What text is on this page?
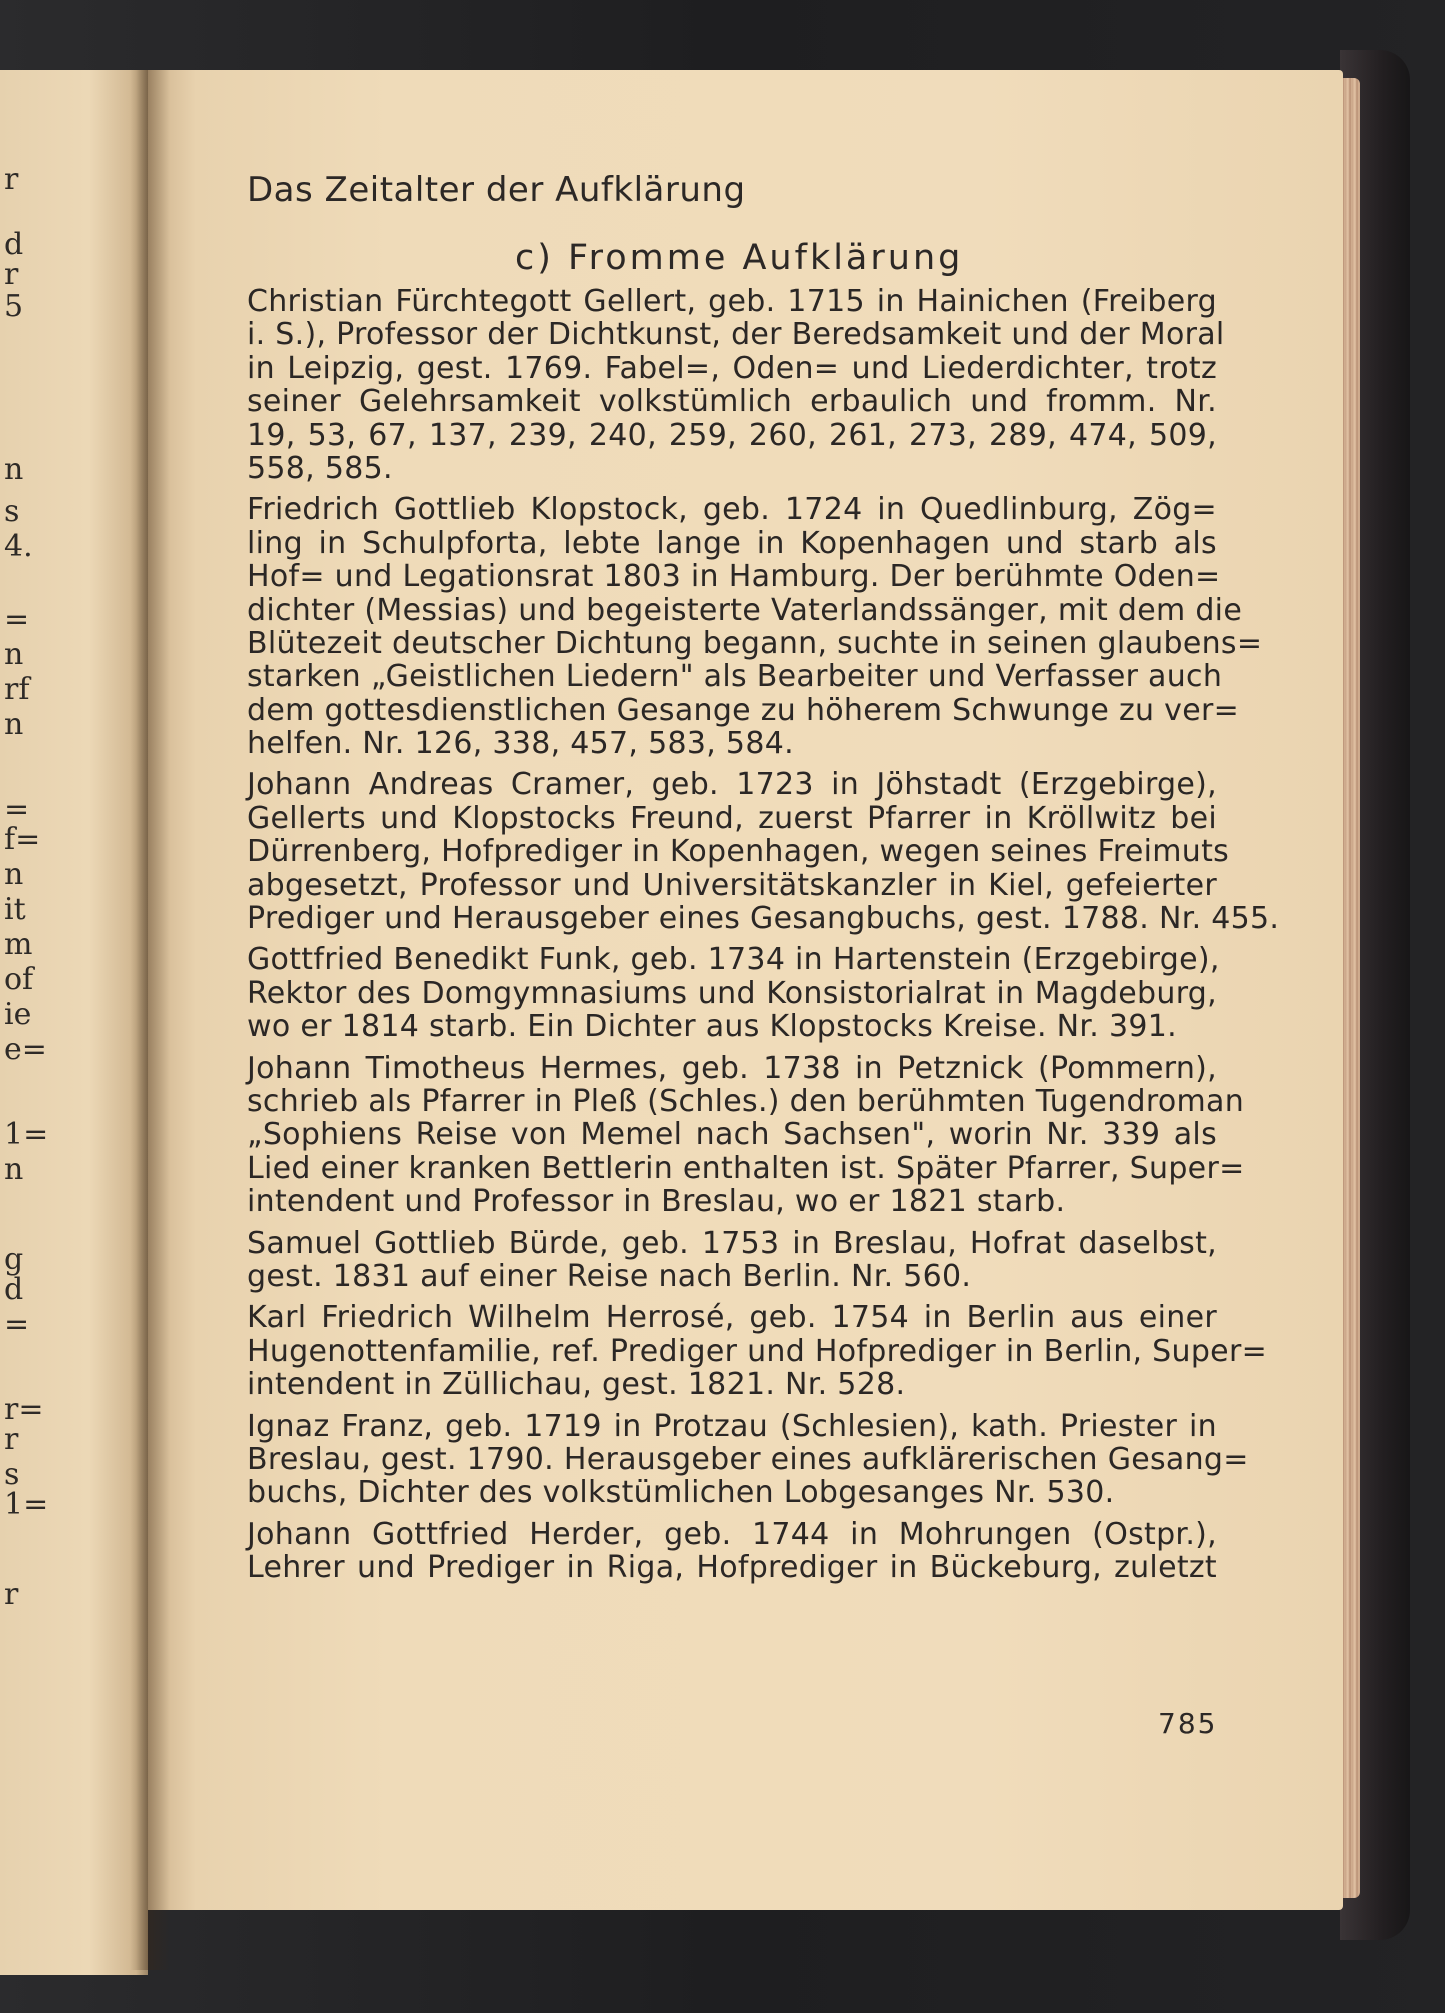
r
d
r
5
n
s
4.
=
n
rf
n
=
f=
n
it
m
of
ie
e=
1=
n
g
d
=
r=
r
s
1=
r
Das Zeitalter der Aufklärung
c) Fromme Aufklärung
Christian Fürchtegott Gellert, geb. 1715 in Hainichen (Freiberg
i. S.), Professor der Dichtkunst, der Beredsamkeit und der Moral
in Leipzig, gest. 1769. Fabel=, Oden= und Liederdichter, trotz
seiner Gelehrsamkeit volkstümlich erbaulich und fromm. Nr.
19, 53, 67, 137, 239, 240, 259, 260, 261, 273, 289, 474, 509,
558, 585.
Friedrich Gottlieb Klopstock, geb. 1724 in Quedlinburg, Zög=
ling in Schulpforta, lebte lange in Kopenhagen und starb als
Hof= und Legationsrat 1803 in Hamburg. Der berühmte Oden=
dichter (Messias) und begeisterte Vaterlandssänger, mit dem die
Blütezeit deutscher Dichtung begann, suchte in seinen glaubens=
starken „Geistlichen Liedern" als Bearbeiter und Verfasser auch
dem gottesdienstlichen Gesange zu höherem Schwunge zu ver=
helfen. Nr. 126, 338, 457, 583, 584.
Johann Andreas Cramer, geb. 1723 in Jöhstadt (Erzgebirge),
Gellerts und Klopstocks Freund, zuerst Pfarrer in Kröllwitz bei
Dürrenberg, Hofprediger in Kopenhagen, wegen seines Freimuts
abgesetzt, Professor und Universitätskanzler in Kiel, gefeierter
Prediger und Herausgeber eines Gesangbuchs, gest. 1788. Nr. 455.
Gottfried Benedikt Funk, geb. 1734 in Hartenstein (Erzgebirge),
Rektor des Domgymnasiums und Konsistorialrat in Magdeburg,
wo er 1814 starb. Ein Dichter aus Klopstocks Kreise. Nr. 391.
Johann Timotheus Hermes, geb. 1738 in Petznick (Pommern),
schrieb als Pfarrer in Pleß (Schles.) den berühmten Tugendroman
„Sophiens Reise von Memel nach Sachsen", worin Nr. 339 als
Lied einer kranken Bettlerin enthalten ist. Später Pfarrer, Super=
intendent und Professor in Breslau, wo er 1821 starb.
Samuel Gottlieb Bürde, geb. 1753 in Breslau, Hofrat daselbst,
gest. 1831 auf einer Reise nach Berlin. Nr. 560.
Karl Friedrich Wilhelm Herrosé, geb. 1754 in Berlin aus einer
Hugenottenfamilie, ref. Prediger und Hofprediger in Berlin, Super=
intendent in Züllichau, gest. 1821. Nr. 528.
Ignaz Franz, geb. 1719 in Protzau (Schlesien), kath. Priester in
Breslau, gest. 1790. Herausgeber eines aufklärerischen Gesang=
buchs, Dichter des volkstümlichen Lobgesanges Nr. 530.
Johann Gottfried Herder, geb. 1744 in Mohrungen (Ostpr.),
Lehrer und Prediger in Riga, Hofprediger in Bückeburg, zuletzt
785
